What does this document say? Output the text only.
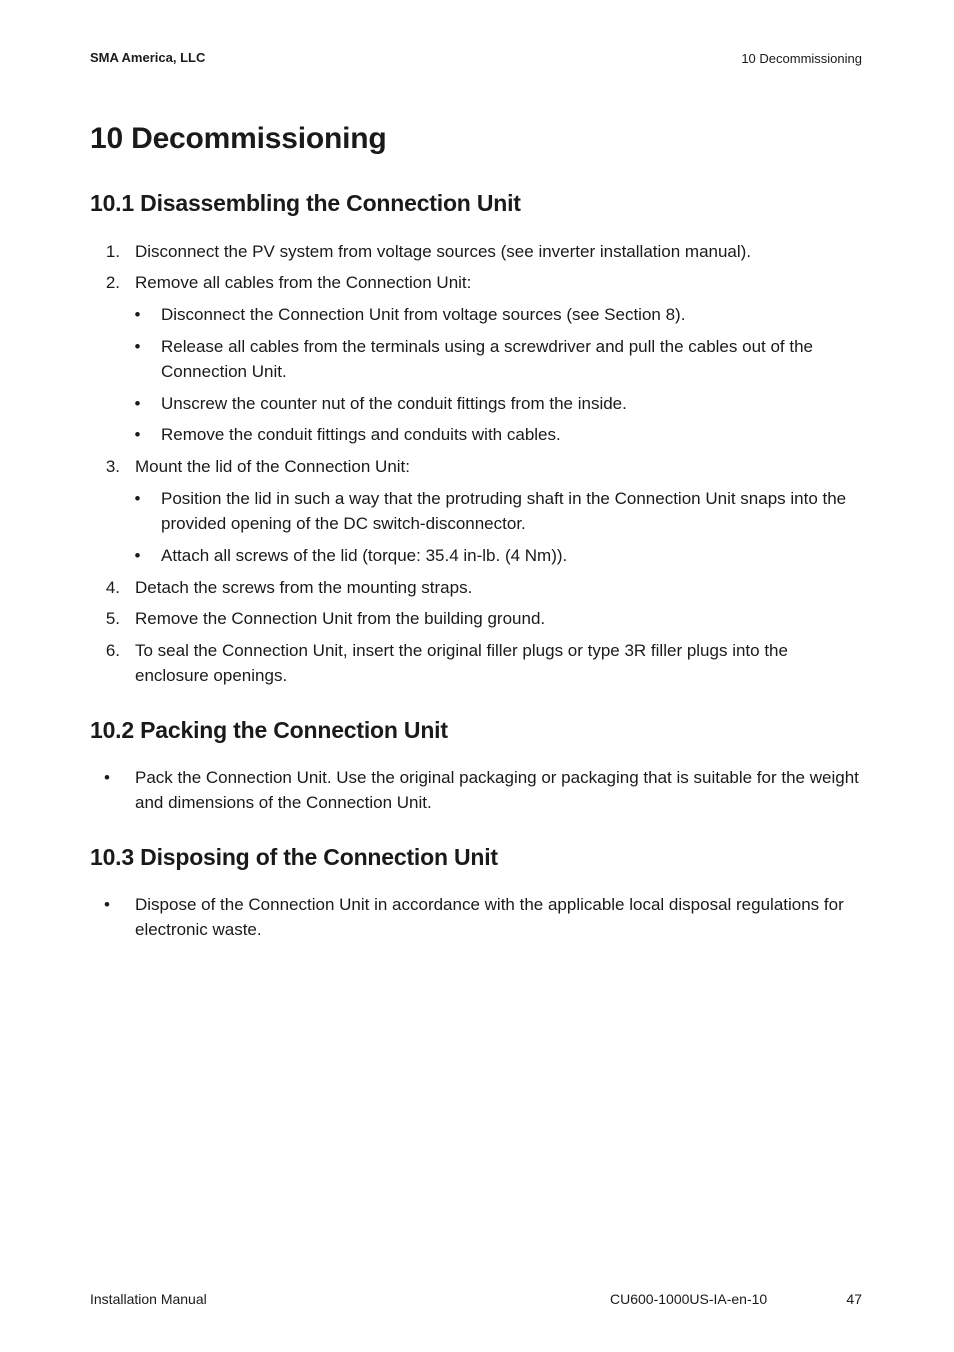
SMA America, LLC	10 Decommissioning
10 Decommissioning
10.1 Disassembling the Connection Unit
1. Disconnect the PV system from voltage sources (see inverter installation manual).
2. Remove all cables from the Connection Unit:
• Disconnect the Connection Unit from voltage sources (see Section 8).
• Release all cables from the terminals using a screwdriver and pull the cables out of the Connection Unit.
• Unscrew the counter nut of the conduit fittings from the inside.
• Remove the conduit fittings and conduits with cables.
3. Mount the lid of the Connection Unit:
• Position the lid in such a way that the protruding shaft in the Connection Unit snaps into the provided opening of the DC switch-disconnector.
• Attach all screws of the lid (torque: 35.4 in-lb. (4 Nm)).
4. Detach the screws from the mounting straps.
5. Remove the Connection Unit from the building ground.
6. To seal the Connection Unit, insert the original filler plugs or type 3R filler plugs into the enclosure openings.
10.2 Packing the Connection Unit
•	Pack the Connection Unit. Use the original packaging or packaging that is suitable for the weight and dimensions of the Connection Unit.
10.3 Disposing of the Connection Unit
•	Dispose of the Connection Unit in accordance with the applicable local disposal regulations for electronic waste.
Installation Manual	CU600-1000US-IA-en-10	47
